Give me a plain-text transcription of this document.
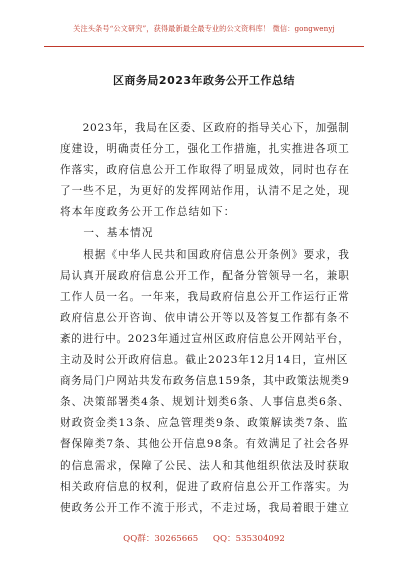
关注头条号“公文研究”，获得最新最全最专业的公文资料库！ 微信：gongwenyj
区商务局2023年政务公开工作总结
　　2023年，我局在区委、区政府的指导关心下，加强制
度建设，明确责任分工，强化工作措施，扎实推进各项工
作落实，政府信息公开工作取得了明显成效，同时也存在
了一些不足，为更好的发挥网站作用，认清不足之处，现
将本年度政务公开工作总结如下：
　　一、基本情况
　　根据《中华人民共和国政府信息公开条例》要求，我
局认真开展政府信息公开工作，配备分管领导一名，兼职
工作人员一名。一年来，我局政府信息公开工作运行正常
政府信息公开咨询、依申请公开等以及答复工作都有条不
紊的进行中。2023年通过宣州区政府信息公开网站平台，
主动及时公开政府信息。截止2023年12月14日，宣州区
商务局门户网站共发布政务信息159条，其中政策法规类9
条、决策部署类4条、规划计划类6条、人事信息类6条、
财政资金类13条、应急管理类9条、政策解读类7条、监
督保障类7条、其他公开信息98条。有效满足了社会各界
的信息需求，保障了公民、法人和其他组织依法及时获取
相关政府信息的权利，促进了政府信息公开工作落实。为
使政务公开工作不流于形式，不走过场，我局着眼于建立
QQ群：30265665 QQ：535304092
